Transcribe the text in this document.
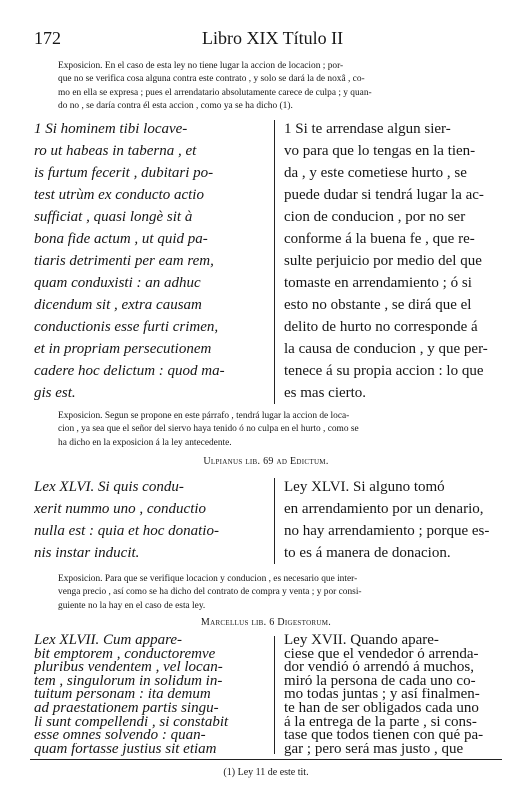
172	Libro XIX Título II
Exposicion. En el caso de esta ley no tiene lugar la accion de locacion ; por-
que no se verifica cosa alguna contra este contrato , y solo se dará la de noxâ , co-
mo en ella se expresa ; pues el arrendatario absolutamente carece de culpa ; y quan-
do no , se daría contra él esta accion , como ya se ha dicho (1).
1 Si hominem tibi locave-
ro ut habeas in taberna , et
is furtum fecerit , dubitari po-
test utrùm ex conducto actio
sufficiat , quasi longè sit à
bona fide actum , ut quid pa-
tiaris detrimenti per eam rem,
quam conduxisti : an adhuc
dicendum sit , extra causam
conductionis esse furti crimen,
et in propriam persecutionem
cadere hoc delictum : quod ma-
gis est.
1 Si te arrendase algun sier-
vo para que lo tengas en la tien-
da , y este cometiese hurto , se
puede dudar si tendrá lugar la ac-
cion de conducion , por no ser
conforme á la buena fe , que re-
sulte perjuicio por medio del que
tomaste en arrendamiento ; ó si
esto no obstante , se dirá que el
delito de hurto no corresponde á
la causa de conducion , y que per-
tenece á su propia accion : lo que
es mas cierto.
Exposicion. Segun se propone en este párrafo , tendrá lugar la accion de loca-
cion , ya sea que el señor del siervo haya tenido ó no culpa en el hurto , como se
ha dicho en la exposicion á la ley antecedente.
Ulpianus lib. 69 ad Edictum.
Lex XLVI. Si quis condu-
xerit nummo uno , conductio
nulla est : quia et hoc donatio-
nis instar inducit.
Ley XLVI. Si alguno tomó
en arrendamiento por un denario,
no hay arrendamiento ; porque es-
to es á manera de donacion.
Exposicion. Para que se verifique locacion y conducion , es necesario que inter-
venga precio , así como se ha dicho del contrato de compra y venta ; y por consi-
guiente no la hay en el caso de esta ley.
Marcellus lib. 6 Digestorum.
Lex XLVII. Cum appare-
bit emptorem , conductoremve
pluribus vendentem , vel locan-
tem , singulorum in solidum in-
tuitum personam : ita demum
ad praestationem partis singu-
li sunt compellendi , si constabit
esse omnes solvendo : quan-
quam fortasse justius sit etiam
Ley XVII. Quando apare-
ciese que el vendedor ó arrenda-
dor vendió ó arrendó á muchos,
miró la persona de cada uno co-
mo todas juntas ; y así finalmen-
te han de ser obligados cada uno
á la entrega de la parte , si cons-
tase que todos tienen con qué pa-
gar ; pero será mas justo , que
(1) Ley 11 de este tit.
